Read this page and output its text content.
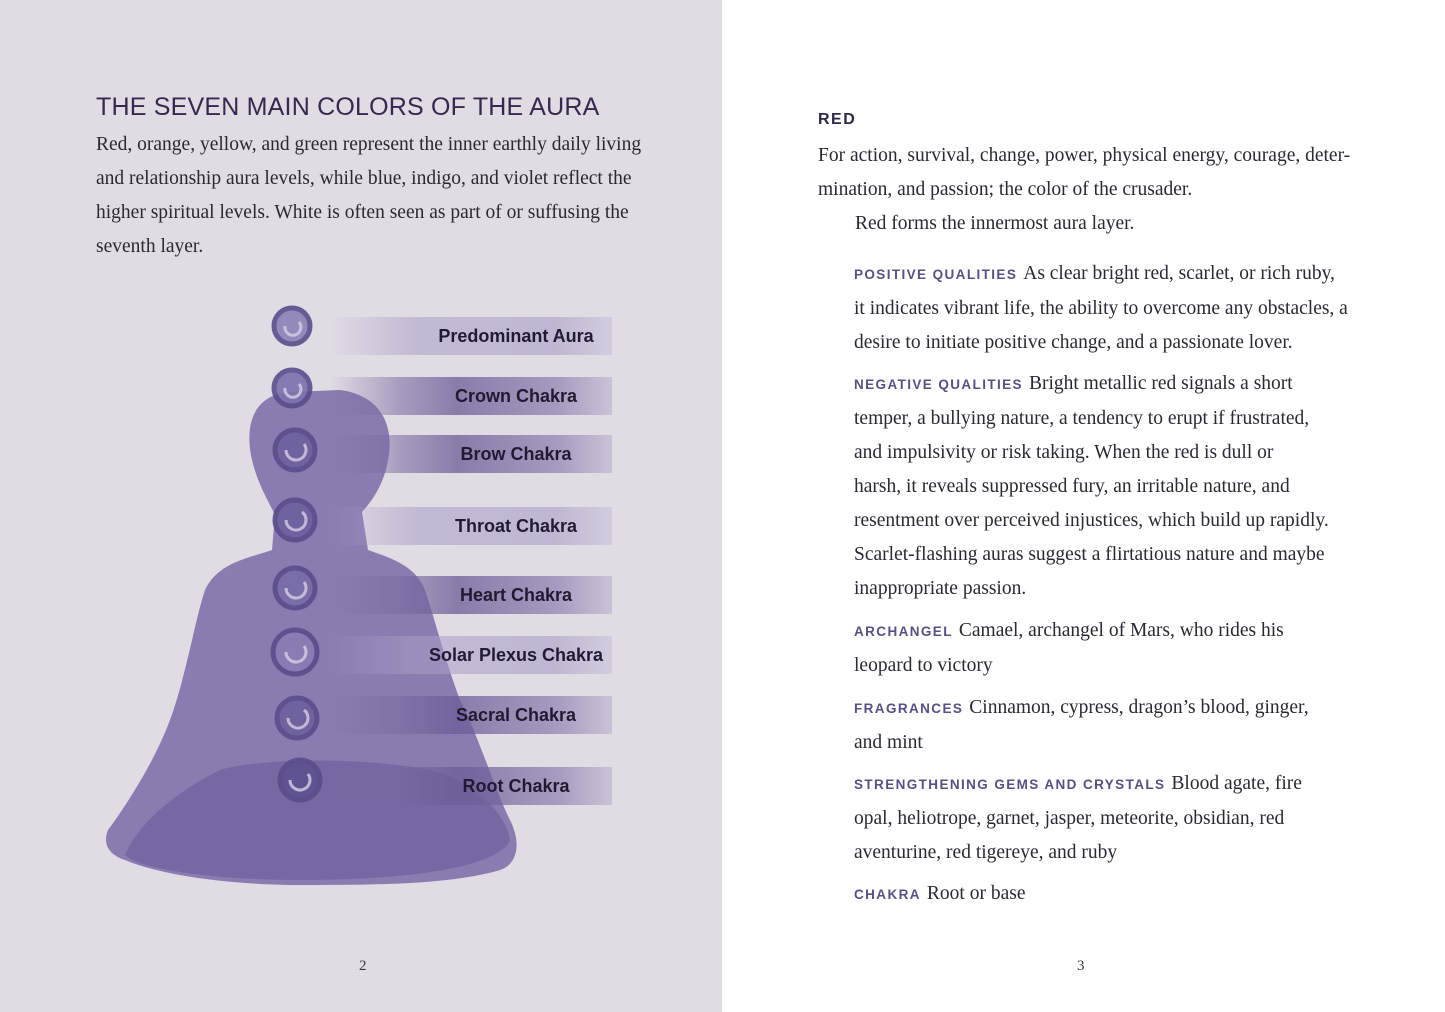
THE SEVEN MAIN COLORS OF THE AURA

Red, orange, yellow, and green represent the inner earthly daily living

and relationship aura levels, while blue, indigo, and violet reflect the

higher spiritual levels. White is often seen as part of or suffusing the

seventh layer.

Predominant Aura
Crown Chakra
Brow Chakra
Throat Chakra
Heart Chakra
Solar Plexus Chakra
Sacral Chakra
Root Chakra
2
RED

For action, survival, change, power, physical energy, courage, deter-

mination, and passion; the color of the crusader.

Red forms the innermost aura layer.

POSITIVE QUALITIES As clear bright red, scarlet, or rich ruby,

it indicates vibrant life, the ability to overcome any obstacles, a

desire to initiate positive change, and a passionate lover.

NEGATIVE QUALITIES Bright metallic red signals a short

temper, a bullying nature, a tendency to erupt if frustrated,

and impulsivity or risk taking. When the red is dull or

harsh, it reveals suppressed fury, an irritable nature, and

resentment over perceived injustices, which build up rapidly.

Scarlet-flashing auras suggest a flirtatious nature and maybe

inappropriate passion.

ARCHANGEL Camael, archangel of Mars, who rides his

leopard to victory

FRAGRANCES Cinnamon, cypress, dragon’s blood, ginger,

and mint

STRENGTHENING GEMS AND CRYSTALS Blood agate, fire

opal, heliotrope, garnet, jasper, meteorite, obsidian, red

aventurine, red tigereye, and ruby

CHAKRA Root or base

3
